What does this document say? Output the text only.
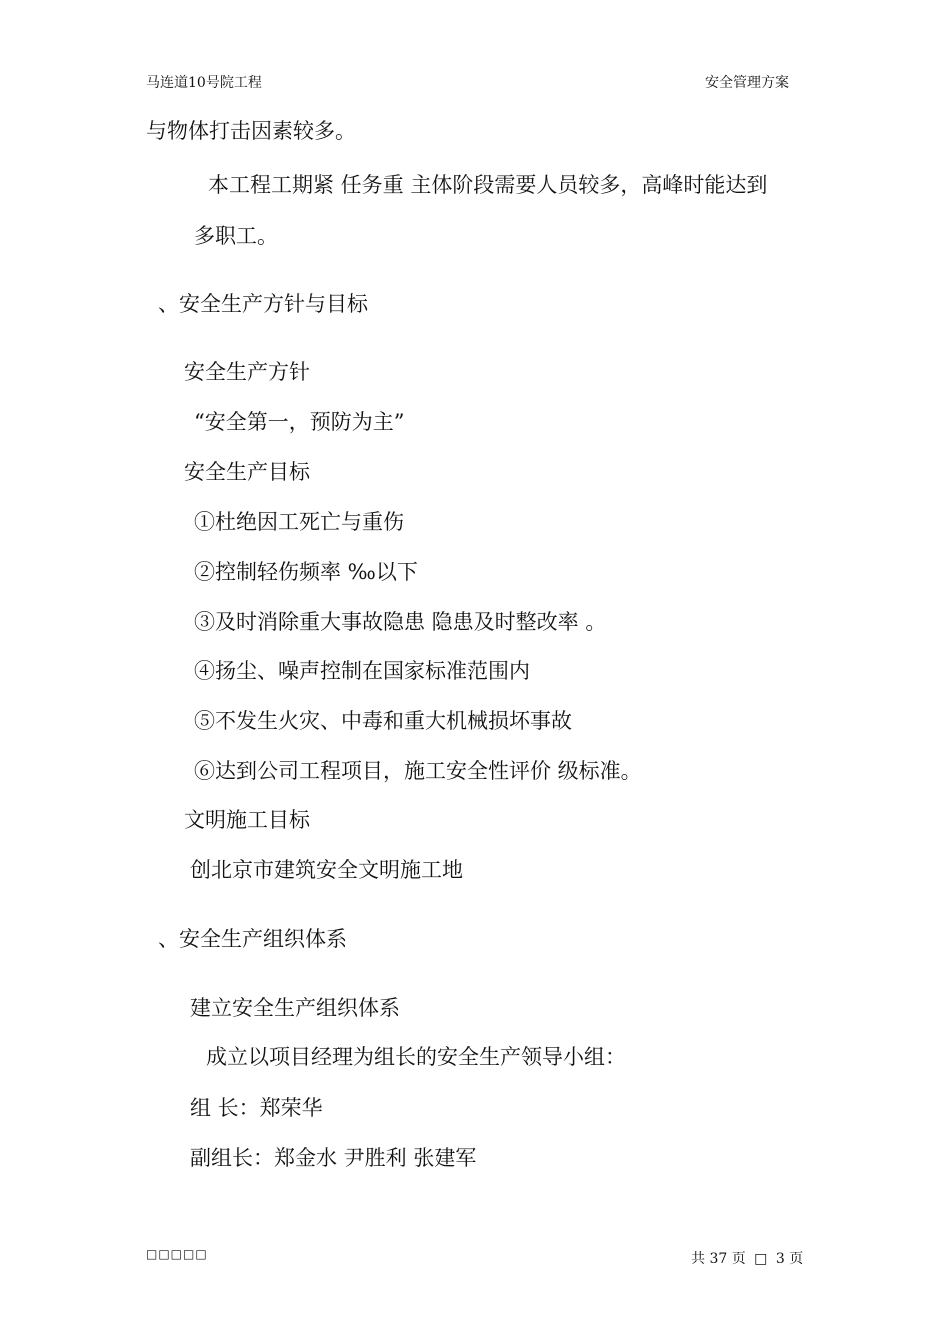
马连道10号院工程	安全管理方案
与物体打击因素较多。
本工程工期紧 任务重 主体阶段需要人员较多，高峰时能达到
多职工。
、安全生产方针与目标
安全生产方针
“安全第一，预防为主”
安全生产目标
①杜绝因工死亡与重伤
②控制轻伤频率 ‰以下
③及时消除重大事故隐患 隐患及时整改率 。
④扬尘、噪声控制在国家标准范围内
⑤不发生火灾、中毒和重大机械损坏事故
⑥达到公司工程项目，施工安全性评价 级标准。
文明施工目标
创北京市建筑安全文明施工地
、安全生产组织体系
建立安全生产组织体系
成立以项目经理为组长的安全生产领导小组：
组 长：郑荣华
副组长：郑金水 尹胜利 张建军
□□□□□	共 37 页 □ 3 页
